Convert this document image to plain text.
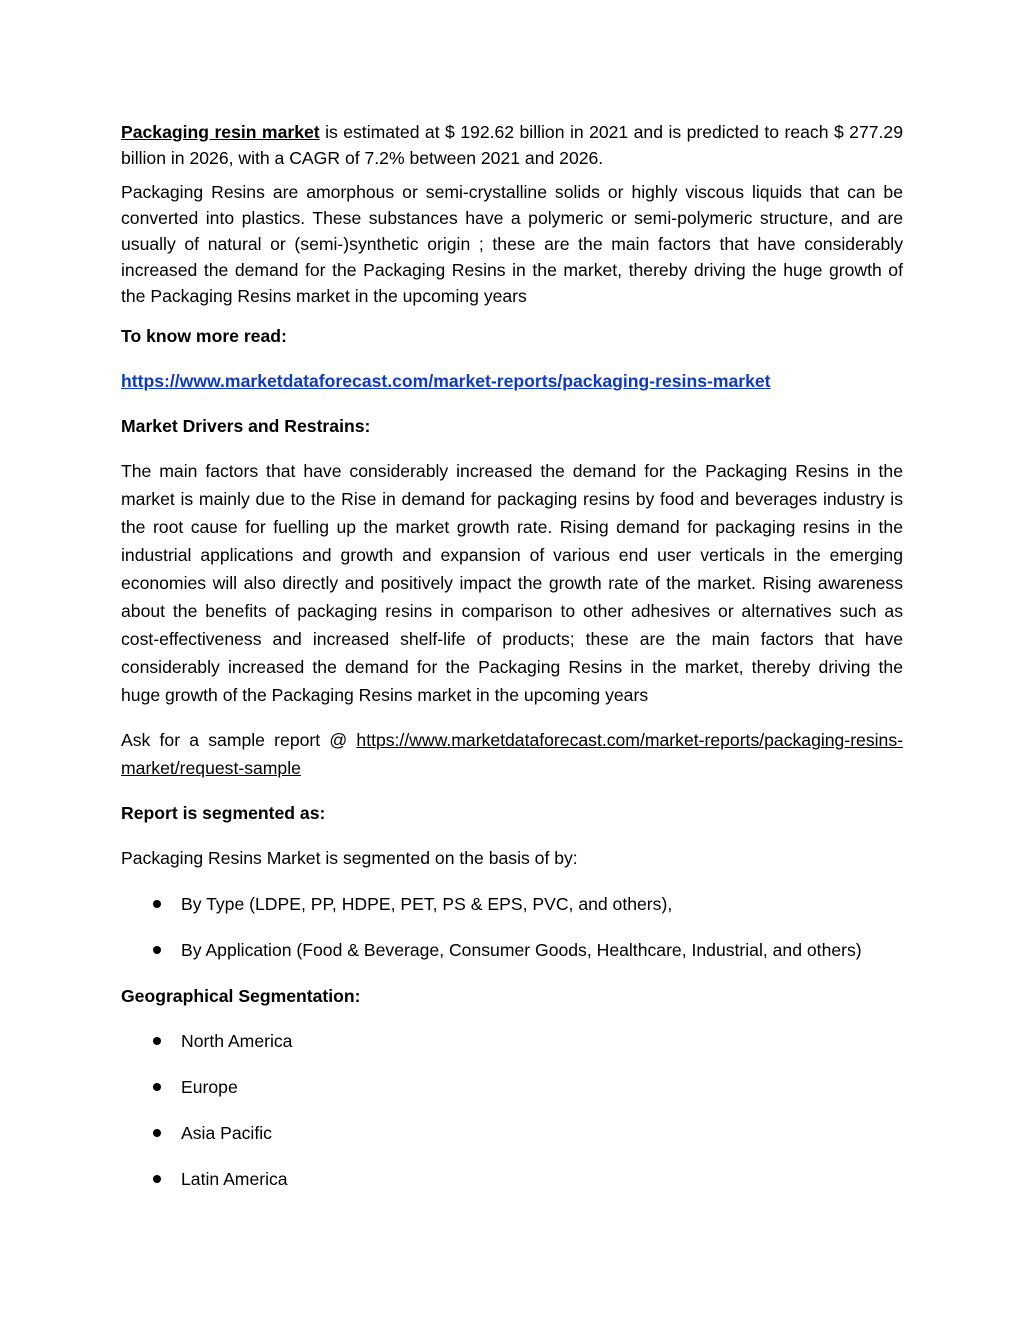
Packaging resin market is estimated at $ 192.62 billion in 2021 and is predicted to reach $ 277.29 billion in 2026, with a CAGR of 7.2% between 2021 and 2026.

Packaging Resins are amorphous or semi-crystalline solids or highly viscous liquids that can be converted into plastics. These substances have a polymeric or semi-polymeric structure, and are usually of natural or (semi-)synthetic origin ; these are the main factors that have considerably increased the demand for the Packaging Resins in the market, thereby driving the huge growth of the Packaging Resins market in the upcoming years

To know more read:

https://www.marketdataforecast.com/market-reports/packaging-resins-market

Market Drivers and Restrains:

The main factors that have considerably increased the demand for the Packaging Resins in the market is mainly due to the Rise in demand for packaging resins by food and beverages industry is the root cause for fuelling up the market growth rate. Rising demand for packaging resins in the industrial applications and growth and expansion of various end user verticals in the emerging economies will also directly and positively impact the growth rate of the market. Rising awareness about the benefits of packaging resins in comparison to other adhesives or alternatives such as cost-effectiveness and increased shelf-life of products; these are the main factors that have considerably increased the demand for the Packaging Resins in the market, thereby driving the huge growth of the Packaging Resins market in the upcoming years

Ask for a sample report @ https://www.marketdataforecast.com/market-reports/packaging-resins-market/request-sample

Report is segmented as:

Packaging Resins Market is segmented on the basis of by:

By Type (LDPE, PP, HDPE, PET, PS & EPS, PVC, and others),
By Application (Food & Beverage, Consumer Goods, Healthcare, Industrial, and others)

Geographical Segmentation:

North America
Europe
Asia Pacific
Latin America
